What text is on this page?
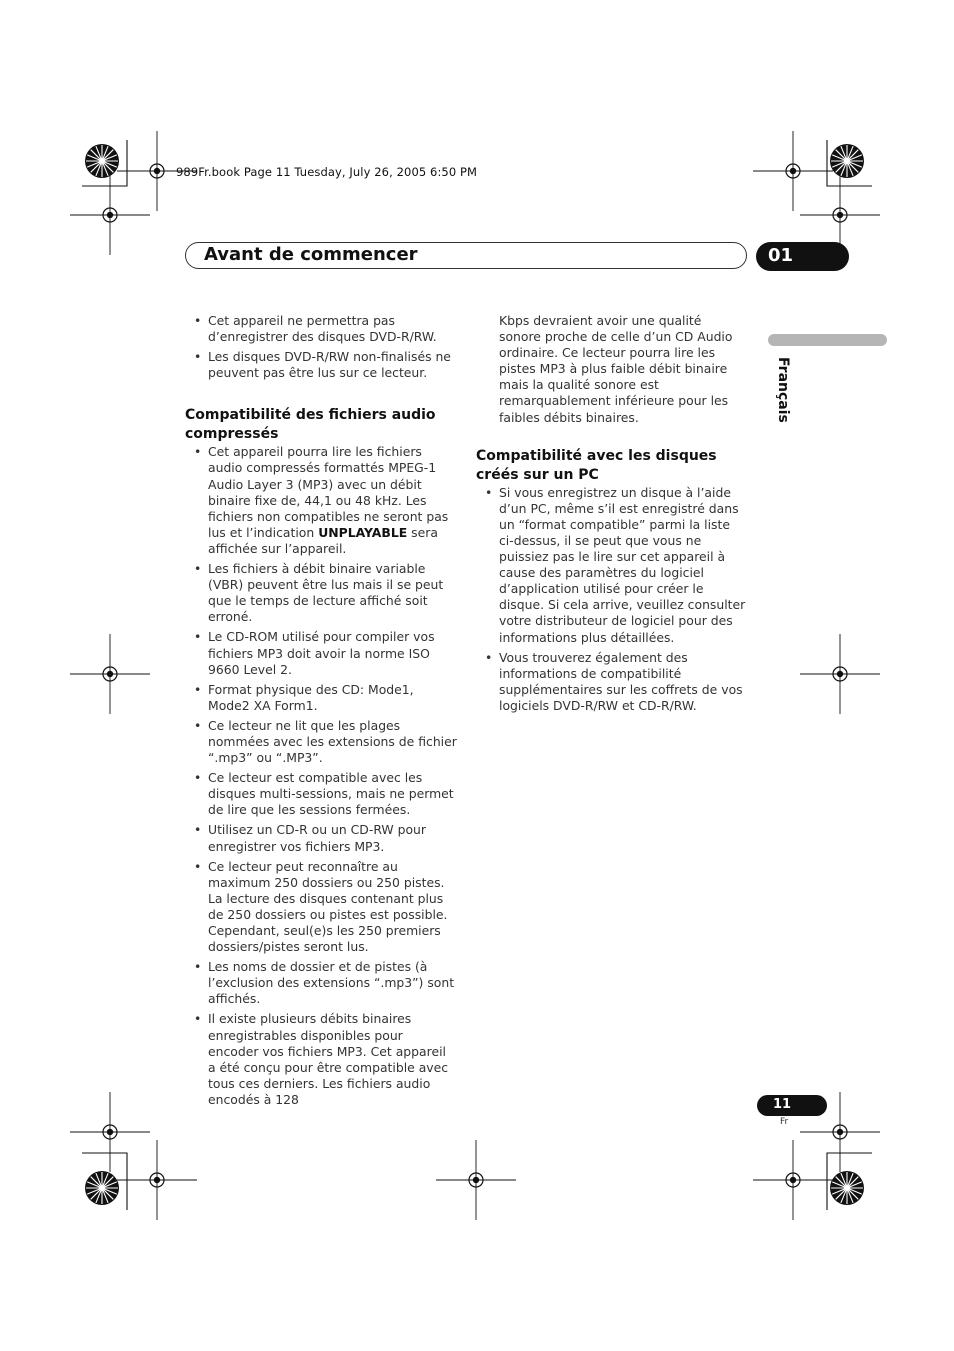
989Fr.book Page 11 Tuesday, July 26, 2005 6:50 PM
Avant de commencer	01
Français
• Cet appareil ne permettra pas d’enregistrer des disques DVD-R/RW.
• Les disques DVD-R/RW non-finalisés ne peuvent pas être lus sur ce lecteur.
Compatibilité des fichiers audio compressés
• Cet appareil pourra lire les fichiers audio compressés formattés MPEG-1 Audio Layer 3 (MP3) avec un débit binaire fixe de, 44,1 ou 48 kHz. Les fichiers non compatibles ne seront pas lus et l’indication UNPLAYABLE sera affichée sur l’appareil.
• Les fichiers à débit binaire variable (VBR) peuvent être lus mais il se peut que le temps de lecture affiché soit erroné.
• Le CD-ROM utilisé pour compiler vos fichiers MP3 doit avoir la norme ISO 9660 Level 2.
• Format physique des CD: Mode1, Mode2 XA Form1.
• Ce lecteur ne lit que les plages nommées avec les extensions de fichier “.mp3” ou “.MP3”.
• Ce lecteur est compatible avec les disques multi-sessions, mais ne permet de lire que les sessions fermées.
• Utilisez un CD-R ou un CD-RW pour enregistrer vos fichiers MP3.
• Ce lecteur peut reconnaître au maximum 250 dossiers ou 250 pistes. La lecture des disques contenant plus de 250 dossiers ou pistes est possible. Cependant, seul(e)s les 250 premiers dossiers/pistes seront lus.
• Les noms de dossier et de pistes (à l’exclusion des extensions “.mp3”) sont affichés.
• Il existe plusieurs débits binaires enregistrables disponibles pour encoder vos fichiers MP3. Cet appareil a été conçu pour être compatible avec tous ces derniers. Les fichiers audio encodés à 128

Kbps devraient avoir une qualité sonore proche de celle d’un CD Audio ordinaire. Ce lecteur pourra lire les pistes MP3 à plus faible débit binaire mais la qualité sonore est remarquablement inférieure pour les faibles débits binaires.

Compatibilité avec les disques créés sur un PC
• Si vous enregistrez un disque à l’aide d’un PC, même s’il est enregistré dans un “format compatible” parmi la liste ci-dessus, il se peut que vous ne puissiez pas le lire sur cet appareil à cause des paramètres du logiciel d’application utilisé pour créer le disque. Si cela arrive, veuillez consulter votre distributeur de logiciel pour des informations plus détaillées.
• Vous trouverez également des informations de compatibilité supplémentaires sur les coffrets de vos logiciels DVD-R/RW et CD-R/RW.
11
Fr
